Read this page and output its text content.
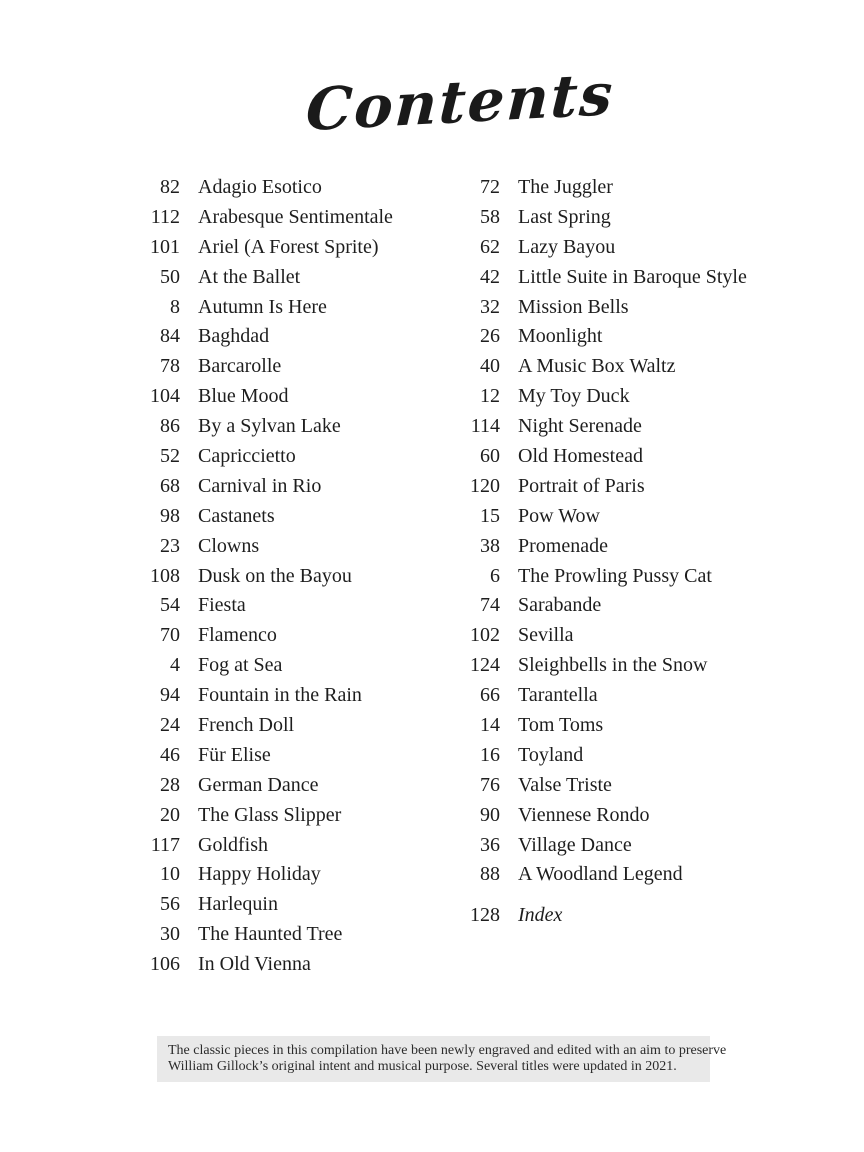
Contents
82 Adagio Esotico
112 Arabesque Sentimentale
101 Ariel (A Forest Sprite)
50 At the Ballet
8 Autumn Is Here
84 Baghdad
78 Barcarolle
104 Blue Mood
86 By a Sylvan Lake
52 Capriccietto
68 Carnival in Rio
98 Castanets
23 Clowns
108 Dusk on the Bayou
54 Fiesta
70 Flamenco
4 Fog at Sea
94 Fountain in the Rain
24 French Doll
46 Für Elise
28 German Dance
20 The Glass Slipper
117 Goldfish
10 Happy Holiday
56 Harlequin
30 The Haunted Tree
106 In Old Vienna
72 The Juggler
58 Last Spring
62 Lazy Bayou
42 Little Suite in Baroque Style
32 Mission Bells
26 Moonlight
40 A Music Box Waltz
12 My Toy Duck
114 Night Serenade
60 Old Homestead
120 Portrait of Paris
15 Pow Wow
38 Promenade
6 The Prowling Pussy Cat
74 Sarabande
102 Sevilla
124 Sleighbells in the Snow
66 Tarantella
14 Tom Toms
16 Toyland
76 Valse Triste
90 Viennese Rondo
36 Village Dance
88 A Woodland Legend
128 Index
The classic pieces in this compilation have been newly engraved and edited with an aim to preserve
William Gillock’s original intent and musical purpose. Several titles were updated in 2021.
